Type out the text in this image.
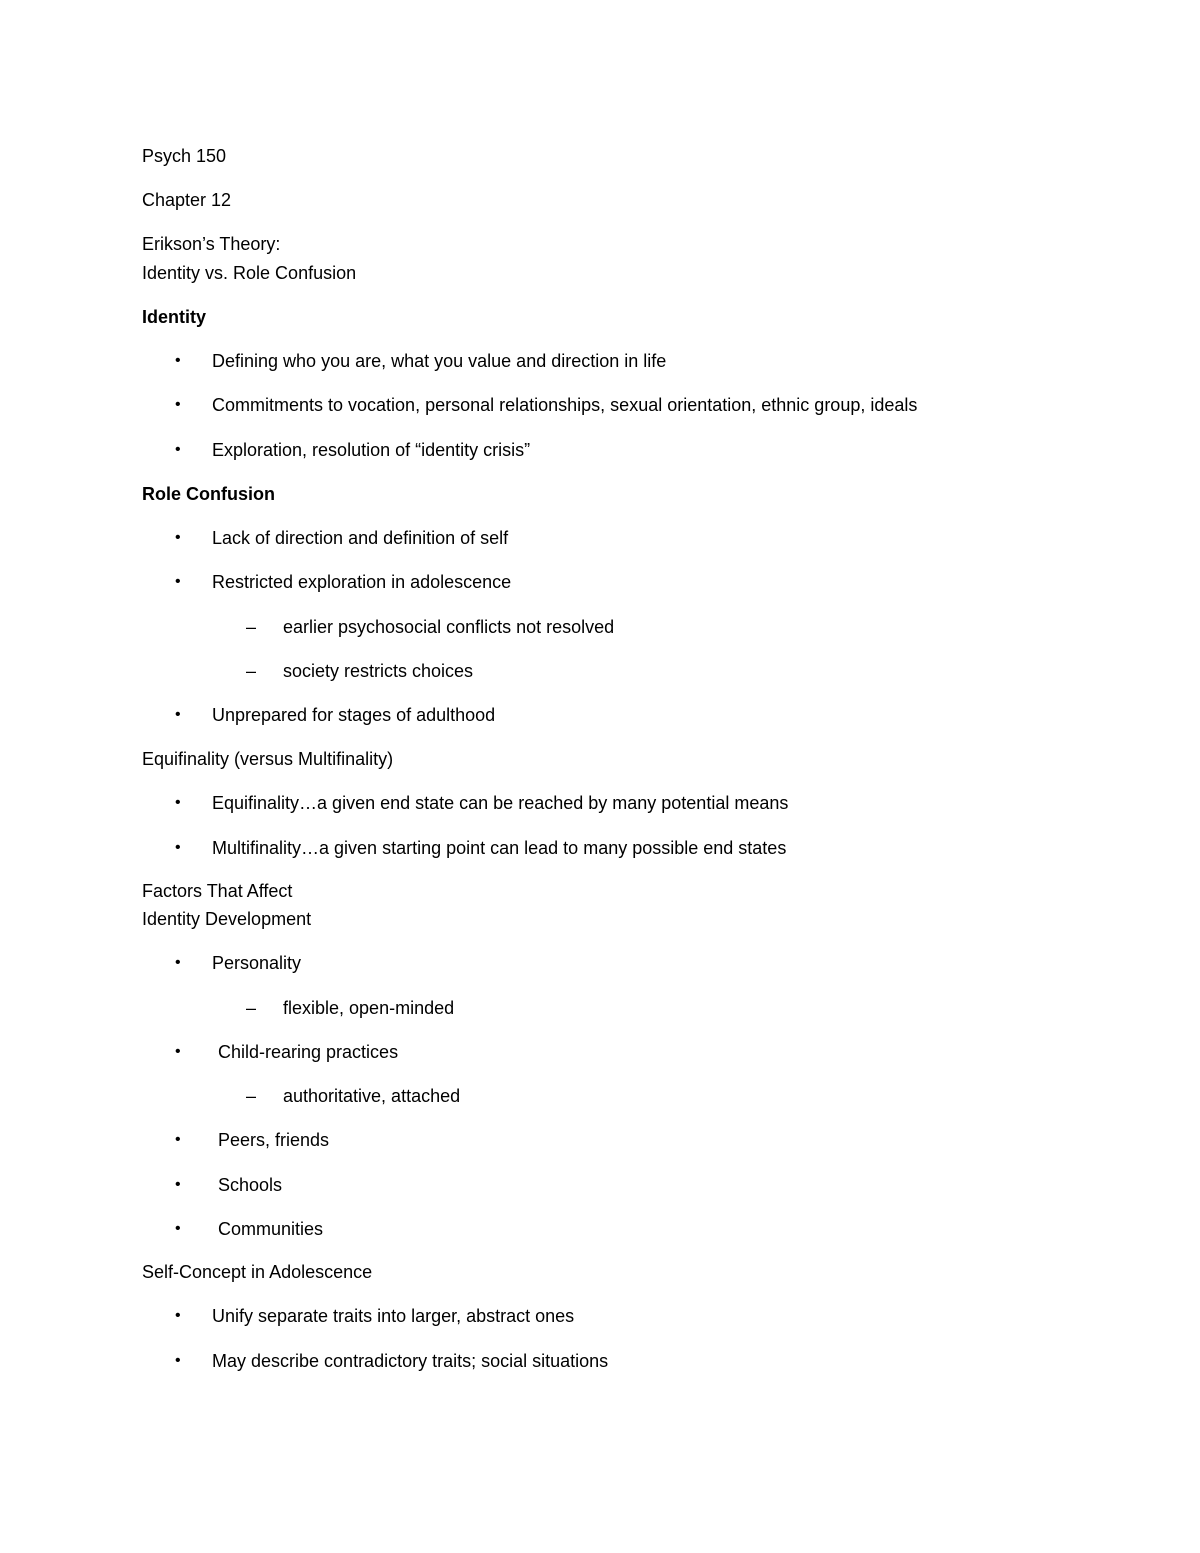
Psych 150
Chapter 12
Erikson’s Theory:
Identity vs. Role Confusion
Identity
•	Defining who you are, what you value and direction in life
•	Commitments to vocation, personal relationships, sexual orientation, ethnic group, ideals
•	Exploration, resolution of “identity crisis”
Role Confusion
•	Lack of direction and definition of self
•	Restricted exploration in adolescence
–	earlier psychosocial conflicts not resolved
–	society restricts choices
•	Unprepared for stages of adulthood
Equifinality (versus Multifinality)
•	Equifinality…a given end state can be reached by many potential means
•	Multifinality…a given starting point can lead to many possible end states
Factors That Affect
Identity Development
•	Personality
–	flexible, open-minded
•	Child-rearing practices
–	authoritative, attached
•	Peers, friends
•	Schools
•	Communities
Self-Concept in Adolescence
•	Unify separate traits into larger, abstract ones
•	May describe contradictory traits; social situations
